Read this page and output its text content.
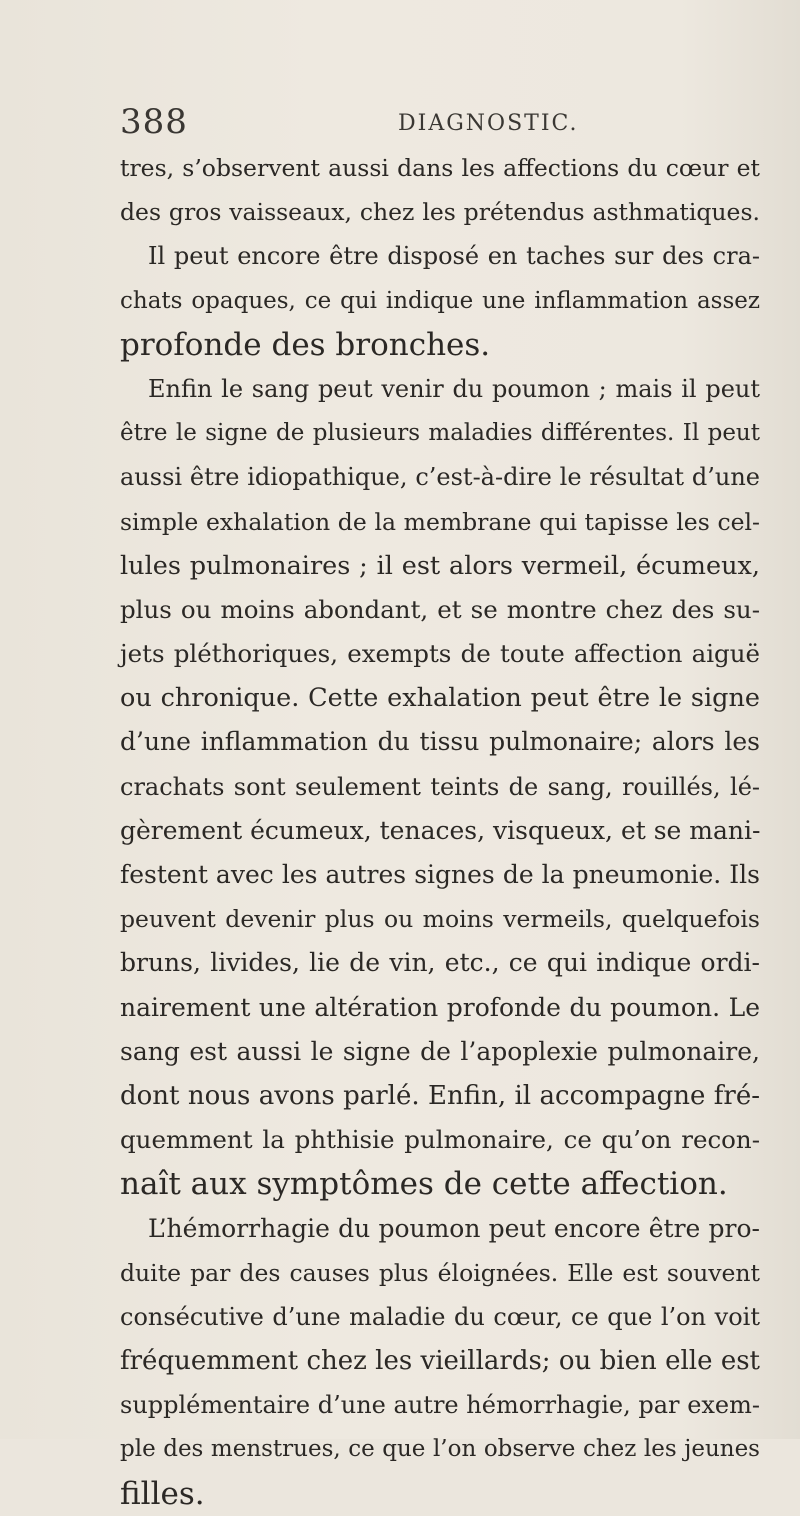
388	DIAGNOSTIC.
tres, s’observent aussi dans les affections du cœur et
des gros vaisseaux, chez les prétendus asthmatiques.
Il peut encore être disposé en taches sur des cra-
chats opaques, ce qui indique une inflammation assez
profonde des bronches.
Enfin le sang peut venir du poumon ; mais il peut
être le signe de plusieurs maladies différentes. Il peut
aussi être idiopathique, c’est-à-dire le résultat d’une
simple exhalation de la membrane qui tapisse les cel-
lules pulmonaires ; il est alors vermeil, écumeux,
plus ou moins abondant, et se montre chez des su-
jets pléthoriques, exempts de toute affection aiguë
ou chronique. Cette exhalation peut être le signe
d’une inflammation du tissu pulmonaire; alors les
crachats sont seulement teints de sang, rouillés, lé-
gèrement écumeux, tenaces, visqueux, et se mani-
festent avec les autres signes de la pneumonie. Ils
peuvent devenir plus ou moins vermeils, quelquefois
bruns, livides, lie de vin, etc., ce qui indique ordi-
nairement une altération profonde du poumon. Le
sang est aussi le signe de l’apoplexie pulmonaire,
dont nous avons parlé. Enfin, il accompagne fré-
quemment la phthisie pulmonaire, ce qu’on recon-
naît aux symptômes de cette affection.
L’hémorrhagie du poumon peut encore être pro-
duite par des causes plus éloignées. Elle est souvent
consécutive d’une maladie du cœur, ce que l’on voit
fréquemment chez les vieillards; ou bien elle est
supplémentaire d’une autre hémorrhagie, par exem-
ple des menstrues, ce que l’on observe chez les jeunes
filles.
